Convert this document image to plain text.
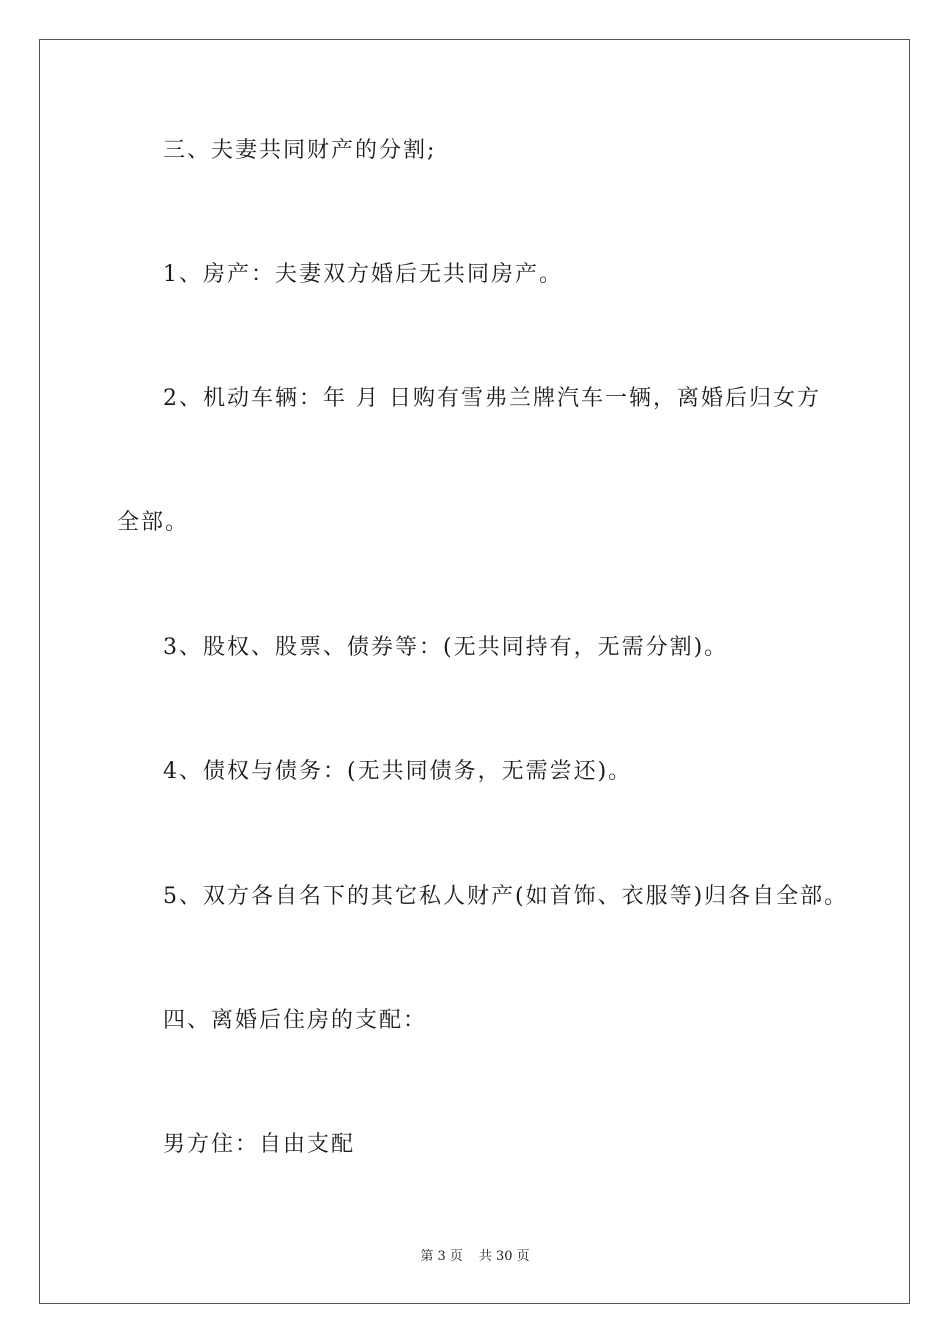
三、夫妻共同财产的分割;
1、房产：夫妻双方婚后无共同房产。
2、机动车辆：年 月 日购有雪弗兰牌汽车一辆，离婚后归女方
全部。
3、股权、股票、债券等：(无共同持有，无需分割)。
4、债权与债务：(无共同债务，无需尝还)。
5、双方各自名下的其它私人财产(如首饰、衣服等)归各自全部。
四、离婚后住房的支配：
男方住：自由支配
第 3 页 共 30 页
